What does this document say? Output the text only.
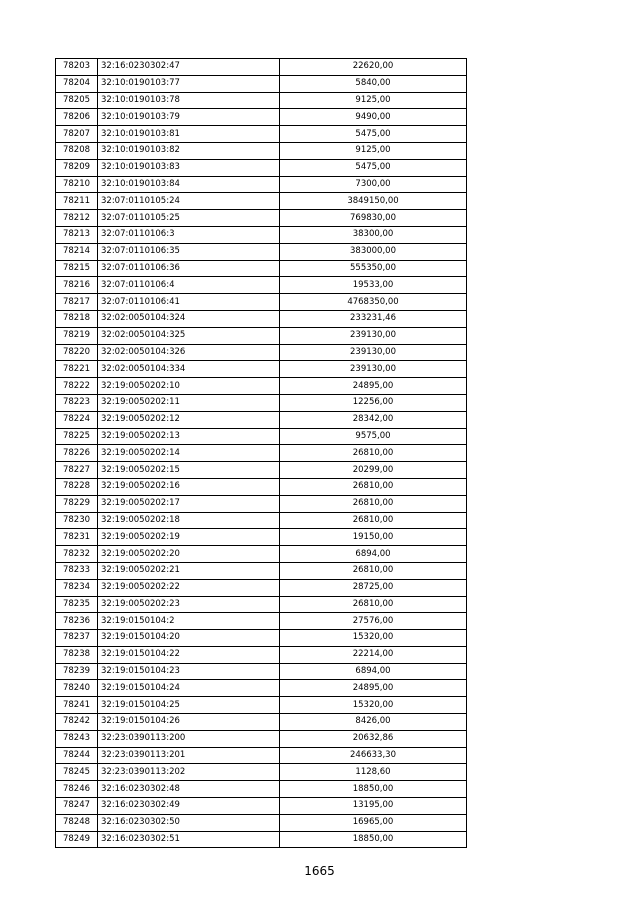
78203	32:16:0230302:47	22620,00
78204	32:10:0190103:77	5840,00
78205	32:10:0190103:78	9125,00
78206	32:10:0190103:79	9490,00
78207	32:10:0190103:81	5475,00
78208	32:10:0190103:82	9125,00
78209	32:10:0190103:83	5475,00
78210	32:10:0190103:84	7300,00
78211	32:07:0110105:24	3849150,00
78212	32:07:0110105:25	769830,00
78213	32:07:0110106:3	38300,00
78214	32:07:0110106:35	383000,00
78215	32:07:0110106:36	555350,00
78216	32:07:0110106:4	19533,00
78217	32:07:0110106:41	4768350,00
78218	32:02:0050104:324	233231,46
78219	32:02:0050104:325	239130,00
78220	32:02:0050104:326	239130,00
78221	32:02:0050104:334	239130,00
78222	32:19:0050202:10	24895,00
78223	32:19:0050202:11	12256,00
78224	32:19:0050202:12	28342,00
78225	32:19:0050202:13	9575,00
78226	32:19:0050202:14	26810,00
78227	32:19:0050202:15	20299,00
78228	32:19:0050202:16	26810,00
78229	32:19:0050202:17	26810,00
78230	32:19:0050202:18	26810,00
78231	32:19:0050202:19	19150,00
78232	32:19:0050202:20	6894,00
78233	32:19:0050202:21	26810,00
78234	32:19:0050202:22	28725,00
78235	32:19:0050202:23	26810,00
78236	32:19:0150104:2	27576,00
78237	32:19:0150104:20	15320,00
78238	32:19:0150104:22	22214,00
78239	32:19:0150104:23	6894,00
78240	32:19:0150104:24	24895,00
78241	32:19:0150104:25	15320,00
78242	32:19:0150104:26	8426,00
78243	32:23:0390113:200	20632,86
78244	32:23:0390113:201	246633,30
78245	32:23:0390113:202	1128,60
78246	32:16:0230302:48	18850,00
78247	32:16:0230302:49	13195,00
78248	32:16:0230302:50	16965,00
78249	32:16:0230302:51	18850,00
1665
